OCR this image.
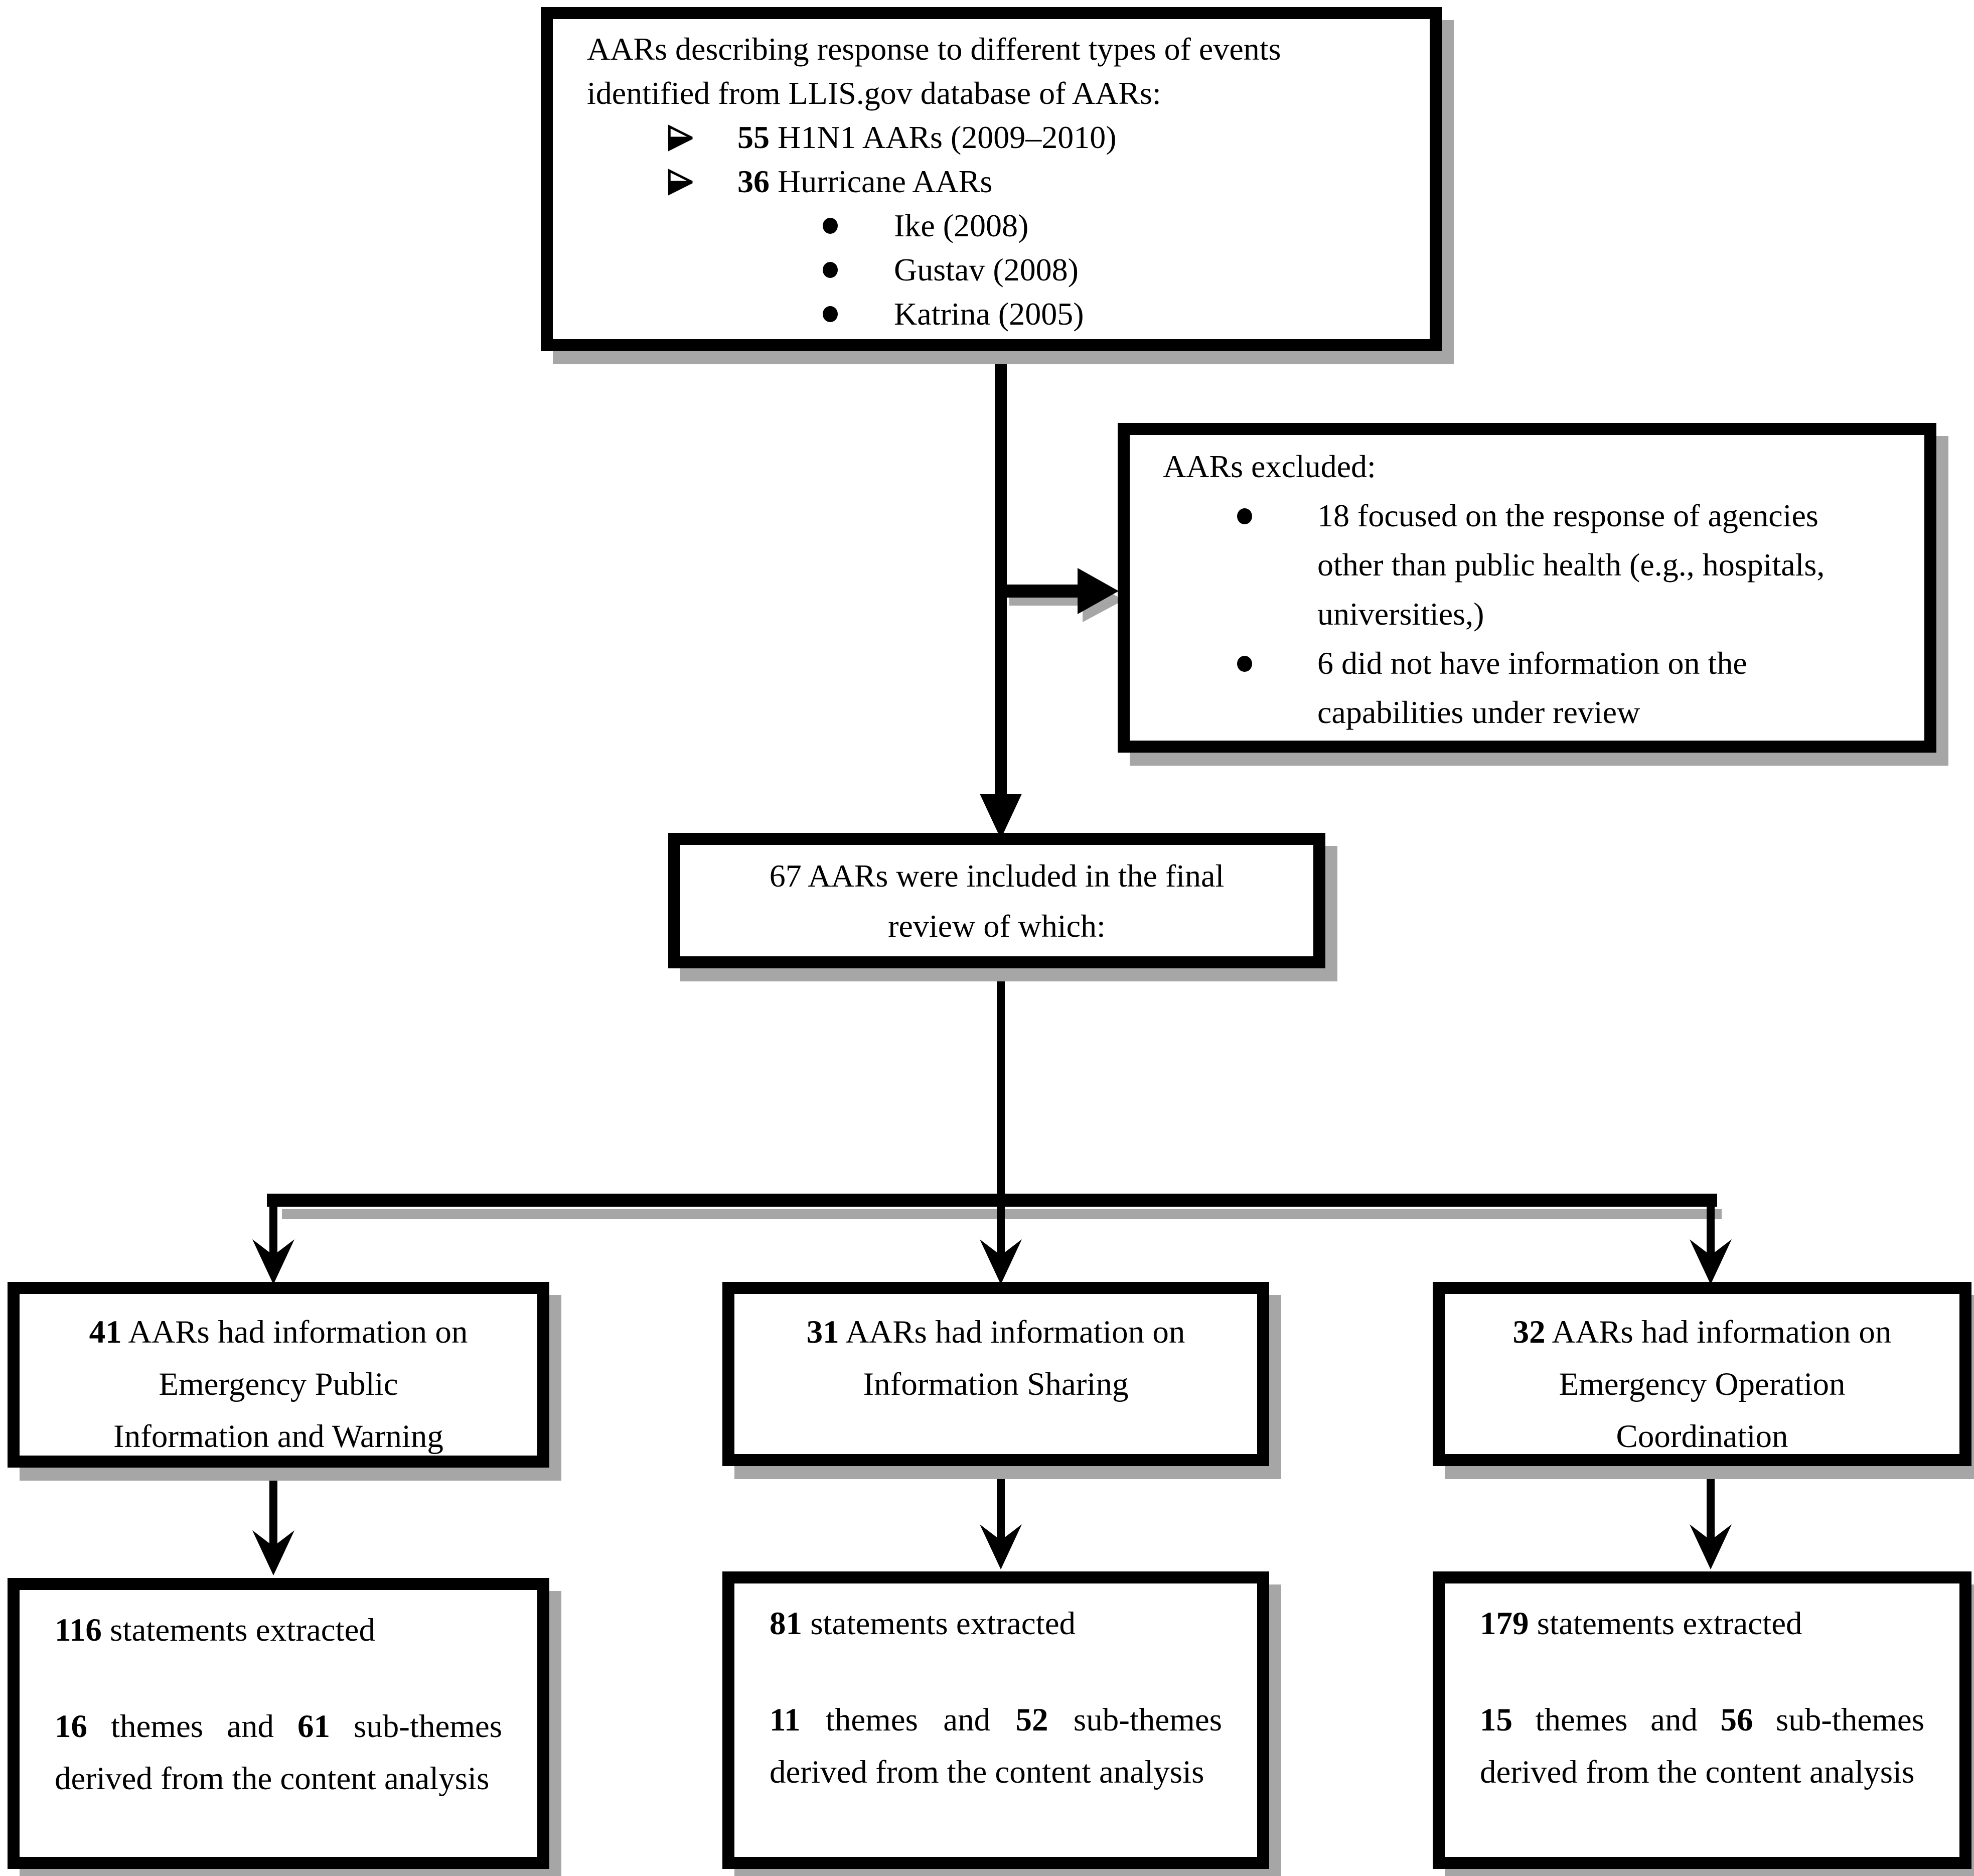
AARs describing response to different types of events
identified from LLIS.gov database of AARs:
55 H1N1 AARs (2009–2010)
36 Hurricane AARs
Ike (2008)
Gustav (2008)
Katrina (2005)
AARs excluded:
18 focused on the response of agencies
other than public health (e.g., hospitals,
universities,)
6 did not have information on the
capabilities under review
67 AARs were included in the final
review of which:
41 AARs had information on
Emergency Public
Information and Warning
31 AARs had information on
Information Sharing
32 AARs had information on
Emergency Operation
Coordination

116 statements extracted

16 themes and 61 sub-themes derived from the content analysis

81 statements extracted

11 themes and 52 sub-themes derived from the content analysis

179 statements extracted

15 themes and 56 sub-themes derived from the content analysis
